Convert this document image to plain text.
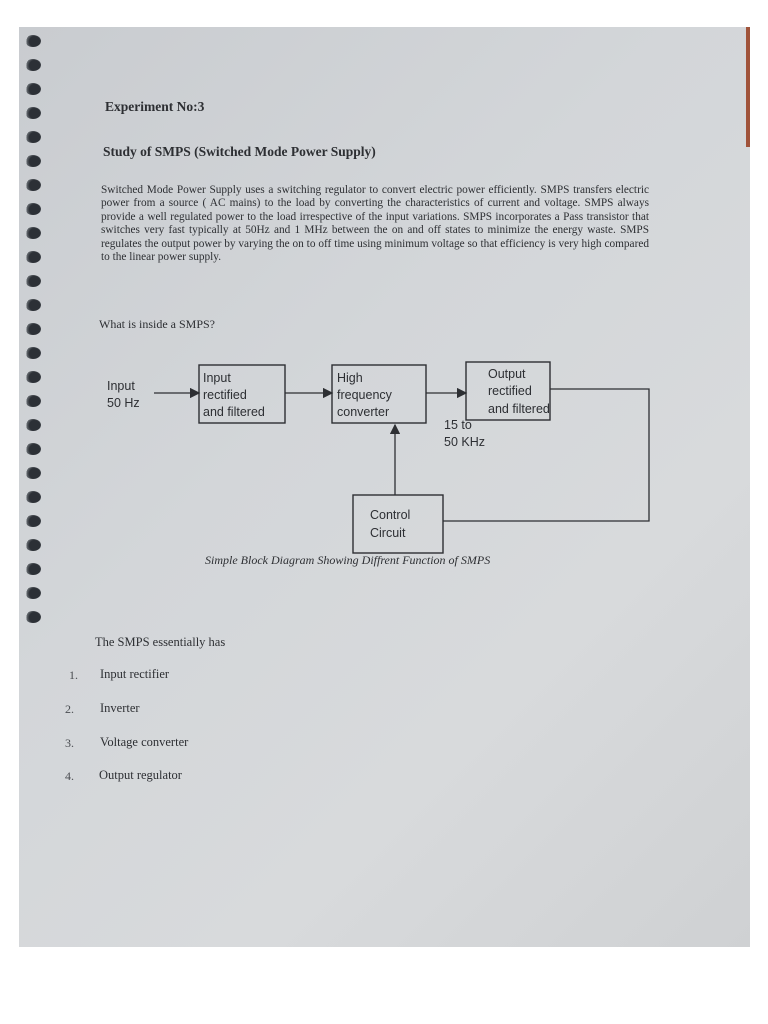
Experiment No:3

Study of SMPS (Switched Mode Power Supply)

Switched Mode Power Supply uses a switching regulator to convert electric power efficiently. SMPS transfers electric power from a source ( AC mains) to the load by converting the characteristics of current and voltage. SMPS always provide a well regulated power to the load irrespective of the input variations. SMPS incorporates a Pass transistor that switches very fast typically at 50Hz and 1 MHz between the on and off states to minimize the energy waste. SMPS regulates the output power by varying the on to off time using minimum voltage so that efficiency is very high compared to the linear power supply.

What is inside a SMPS?

Input
50 Hz
Input
rectified
and filtered
High
frequency
converter
15 to
50 KHz
Output
rectified
and filtered
Control
Circuit

Simple Block Diagram Showing Diffrent Function of SMPS

The SMPS essentially has

1. Input rectifier
2. Inverter
3. Voltage converter
4. Output regulator
